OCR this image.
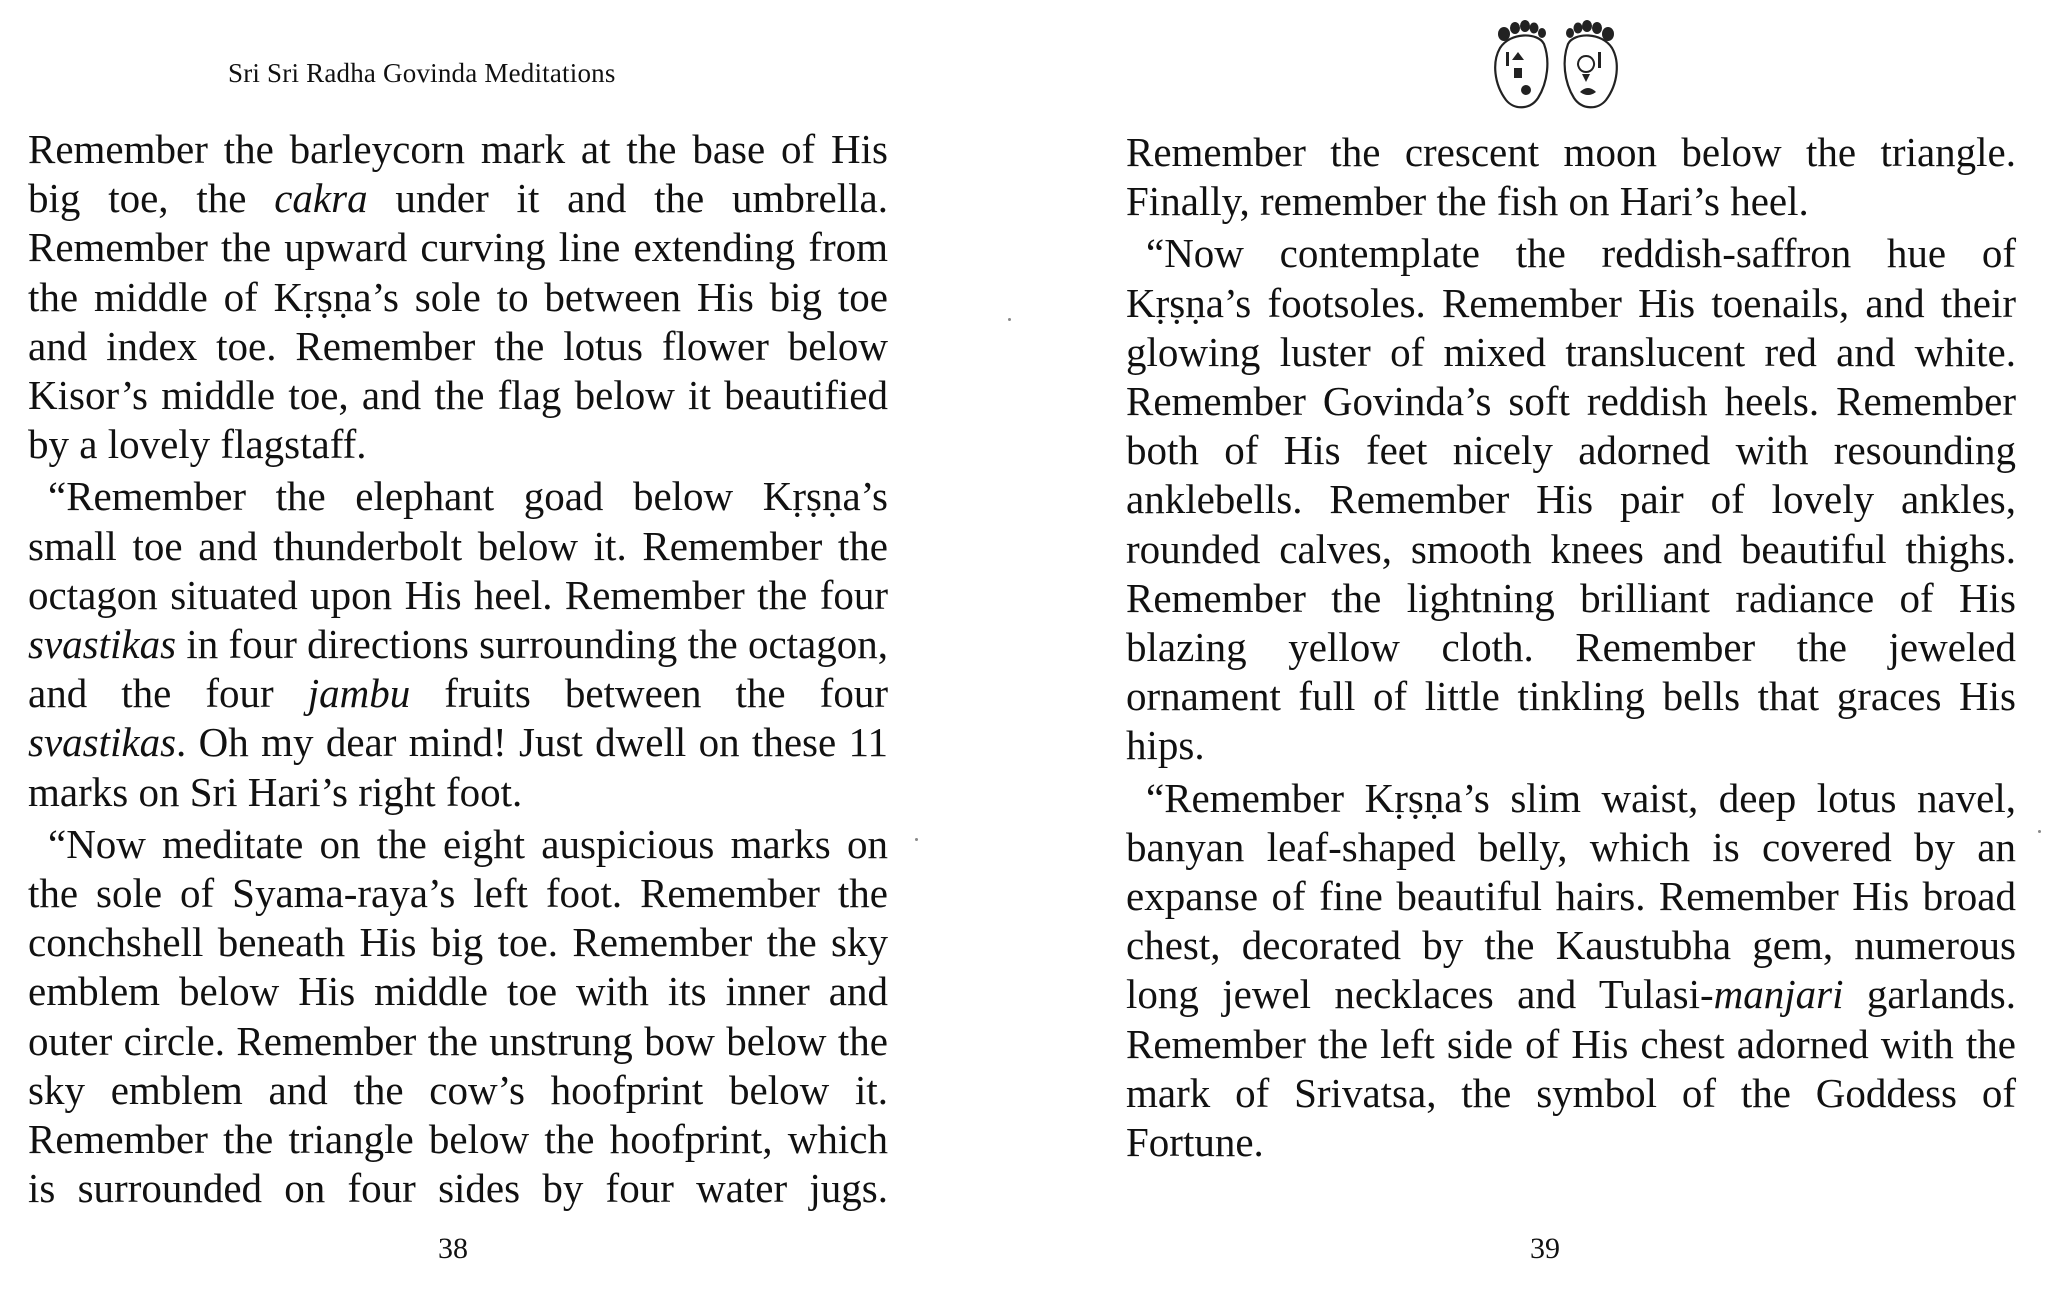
Sri Sri Radha Govinda Meditations

Remember the barleycorn mark at the base of His big toe, the cakra under it and the umbrella. Remember the upward curving line extending from the middle of Kṛṣṇa’s sole to between His big toe and index toe. Remember the lotus flower below Kisor’s middle toe, and the flag below it beautified by a lovely flagstaff.

“Remember the elephant goad below Kṛṣṇa’s small toe and thunderbolt below it. Remember the octagon situated upon His heel. Remember the four svastikas in four directions surrounding the octagon, and the four jambu fruits between the four svastikas. Oh my dear mind! Just dwell on these 11 marks on Sri Hari’s right foot.

“Now meditate on the eight auspicious marks on the sole of Syama-raya’s left foot. Remember the conchshell beneath His big toe. Remember the sky emblem below His middle toe with its inner and outer circle. Remember the unstrung bow below the sky emblem and the cow’s hoofprint below it. Remember the triangle below the hoofprint, which is surrounded on four sides by four water jugs.

38

Remember the crescent moon below the triangle. Finally, remember the fish on Hari’s heel.

“Now contemplate the reddish-saffron hue of Kṛṣṇa’s footsoles. Remember His toenails, and their glowing luster of mixed translucent red and white. Remember Govinda’s soft reddish heels. Remember both of His feet nicely adorned with resounding anklebells. Remember His pair of lovely ankles, rounded calves, smooth knees and beautiful thighs. Remember the lightning brilliant radiance of His blazing yellow cloth. Remember the jeweled ornament full of little tinkling bells that graces His hips.

“Remember Kṛṣṇa’s slim waist, deep lotus navel, banyan leaf-shaped belly, which is covered by an expanse of fine beautiful hairs. Remember His broad chest, decorated by the Kaustubha gem, numerous long jewel necklaces and Tulasi-manjari garlands. Remember the left side of His chest adorned with the mark of Srivatsa, the symbol of the Goddess of Fortune.

39
